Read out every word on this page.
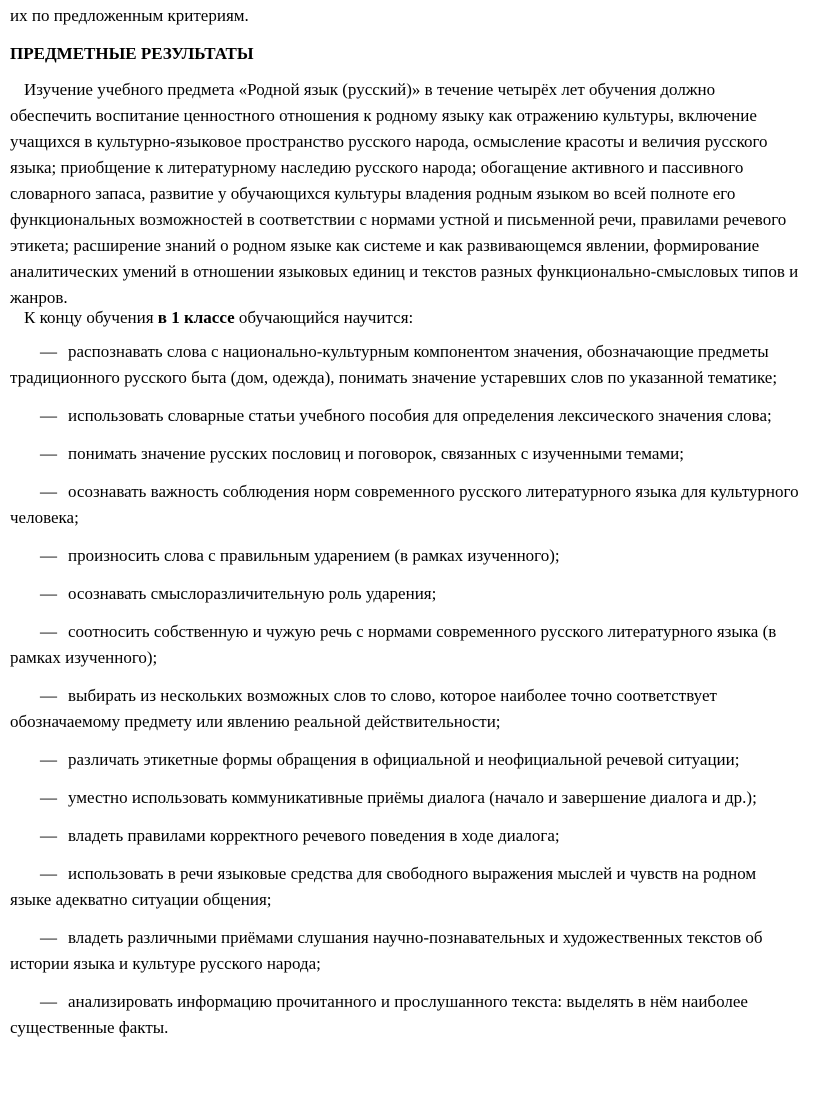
их по предложенным критериям.
ПРЕДМЕТНЫЕ РЕЗУЛЬТАТЫ

Изучение учебного предмета «Родной язык (русский)» в течение четырёх лет обучения должно обеспечить воспитание ценностного отношения к родному языку как отражению культуры, включение учащихся в культурно-языковое пространство русского народа, осмысление красоты и величия русского языка; приобщение к литературному наследию русского народа; обогащение активного и пассивного словарного запаса, развитие у обучающихся культуры владения родным языком во всей полноте его функциональных возможностей в соответствии с нормами устной и письменной речи, правилами речевого этикета; расширение знаний о родном языке как системе и как развивающемся явлении, формирование аналитических умений в отношении языковых единиц и текстов разных функционально-смысловых типов и жанров.

К концу обучения в 1 классе обучающийся научится:
— распознавать слова с национально-культурным компонентом значения, обозначающие предметы традиционного русского быта (дом, одежда), понимать значение устаревших слов по указанной тематике;
— использовать словарные статьи учебного пособия для определения лексического значения слова;
— понимать значение русских пословиц и поговорок, связанных с изученными темами;
— осознавать важность соблюдения норм современного русского литературного языка для культурного человека;
— произносить слова с правильным ударением (в рамках изученного);
— осознавать смыслоразличительную роль ударения;
— соотносить собственную и чужую речь с нормами современного русского литературного языка (в рамках изученного);
— выбирать из нескольких возможных слов то слово, которое наиболее точно соответствует обозначаемому предмету или явлению реальной действительности;
— различать этикетные формы обращения в официальной и неофициальной речевой ситуации;
— уместно использовать коммуникативные приёмы диалога (начало и завершение диалога и др.);
— владеть правилами корректного речевого поведения в ходе диалога;
— использовать в речи языковые средства для свободного выражения мыслей и чувств на родном языке адекватно ситуации общения;
— владеть различными приёмами слушания научно-познавательных и художественных текстов об истории языка и культуре русского народа;
— анализировать информацию прочитанного и прослушанного текста: выделять в нём наиболее существенные факты.
